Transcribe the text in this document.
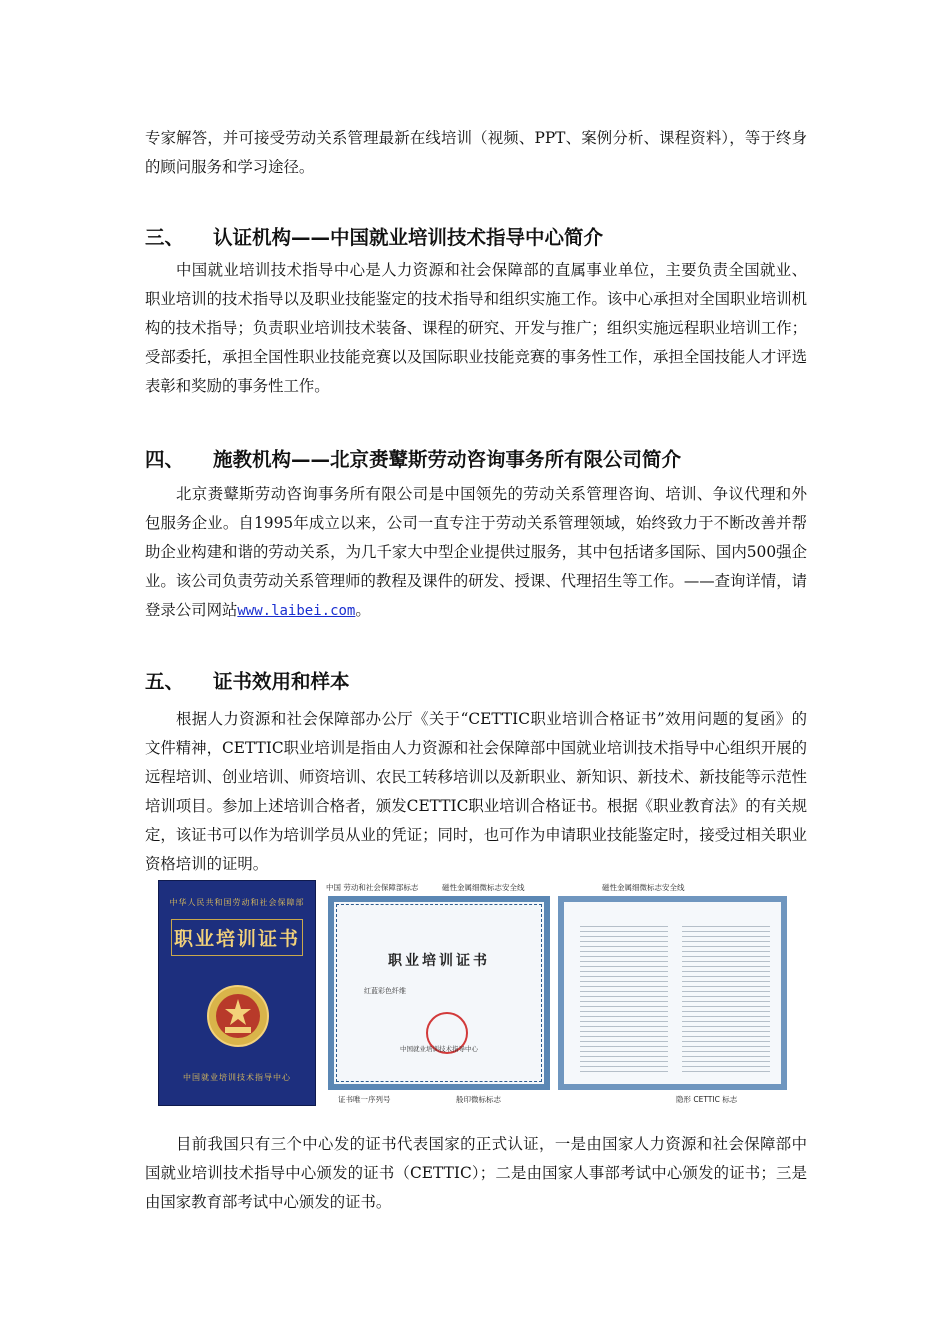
专家解答，并可接受劳动关系管理最新在线培训（视频、PPT、案例分析、课程资料），等于终身的顾问服务和学习途径。

三、 认证机构——中国就业培训技术指导中心简介

中国就业培训技术指导中心是人力资源和社会保障部的直属事业单位，主要负责全国就业、职业培训的技术指导以及职业技能鉴定的技术指导和组织实施工作。该中心承担对全国职业培训机构的技术指导；负责职业培训技术装备、课程的研究、开发与推广；组织实施远程职业培训工作；受部委托，承担全国性职业技能竞赛以及国际职业技能竞赛的事务性工作，承担全国技能人才评选表彰和奖励的事务性工作。

四、 施教机构——北京赉鼙斯劳动咨询事务所有限公司简介

北京赉鼙斯劳动咨询事务所有限公司是中国领先的劳动关系管理咨询、培训、争议代理和外包服务企业。自1995年成立以来，公司一直专注于劳动关系管理领域，始终致力于不断改善并帮助企业构建和谐的劳动关系，为几千家大中型企业提供过服务，其中包括诸多国际、国内500强企业。该公司负责劳动关系管理师的教程及课件的研发、授课、代理招生等工作。——查询详情，请登录公司网站www.laibei.com。

五、 证书效用和样本

根据人力资源和社会保障部办公厅《关于“CETTIC职业培训合格证书”效用问题的复函》的文件精神，CETTIC职业培训是指由人力资源和社会保障部中国就业培训技术指导中心组织开展的远程培训、创业培训、师资培训、农民工转移培训以及新职业、新知识、新技术、新技能等示范性培训项目。参加上述培训合格者，颁发CETTIC职业培训合格证书。根据《职业教育法》的有关规定，该证书可以作为培训学员从业的凭证；同时，也可作为申请职业技能鉴定时，接受过相关职业资格培训的证明。

中华人民共和国劳动和社会保障部
职业培训证书
中国就业培训技术指导中心
中国 劳动和社会保障部标志	磁性金属细微标志安全线
职业培训证书
红蓝彩色纤维
中国就业培训技术指导中心
证书唯一序列号	般印微标标志
磁性金属细微标志安全线
隐形 CETTIC 标志

目前我国只有三个中心发的证书代表国家的正式认证，一是由国家人力资源和社会保障部中国就业培训技术指导中心颁发的证书（CETTIC）；二是由国家人事部考试中心颁发的证书；三是由国家教育部考试中心颁发的证书。
